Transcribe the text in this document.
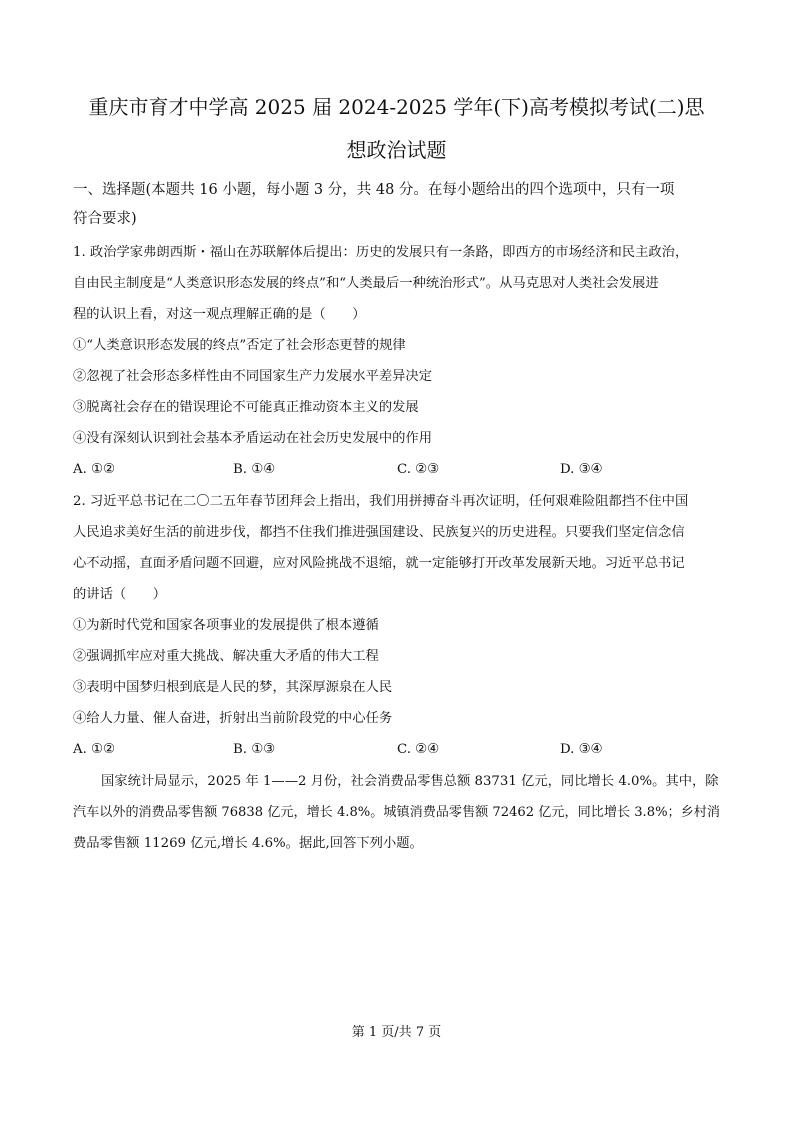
重庆市育才中学高 2025 届 2024-2025 学年(下)高考模拟考试(二)思
想政治试题

一、选择题(本题共 16 小题，每小题 3 分，共 48 分。在每小题给出的四个选项中，只有一项

符合要求)

1. 政治学家弗朗西斯・福山在苏联解体后提出：历史的发展只有一条路，即西方的市场经济和民主政治，

自由民主制度是“人类意识形态发展的终点”和“人类最后一种统治形式”。从马克思对人类社会发展进

程的认识上看，对这一观点理解正确的是（　　）

①“人类意识形态发展的终点”否定了社会形态更替的规律

②忽视了社会形态多样性由不同国家生产力发展水平差异决定

③脱离社会存在的错误理论不可能真正推动资本主义的发展

④没有深刻认识到社会基本矛盾运动在社会历史发展中的作用

A. ①②	B. ①④	C. ②③	D. ③④

2. 习近平总书记在二〇二五年春节团拜会上指出，我们用拼搏奋斗再次证明，任何艰难险阻都挡不住中国

人民追求美好生活的前进步伐，都挡不住我们推进强国建设、民族复兴的历史进程。只要我们坚定信念信

心不动摇，直面矛盾问题不回避，应对风险挑战不退缩，就一定能够打开改革发展新天地。习近平总书记

的讲话（　　）

①为新时代党和国家各项事业的发展提供了根本遵循

②强调抓牢应对重大挑战、解决重大矛盾的伟大工程

③表明中国梦归根到底是人民的梦，其深厚源泉在人民

④给人力量、催人奋进，折射出当前阶段党的中心任务

A. ①②	B. ①③	C. ②④	D. ③④

国家统计局显示，2025 年 1——2 月份，社会消费品零售总额 83731 亿元，同比增长 4.0%。其中，除

汽车以外的消费品零售额 76838 亿元，增长 4.8%。城镇消费品零售额 72462 亿元，同比增长 3.8%；乡村消

费品零售额 11269 亿元,增长 4.6%。据此,回答下列小题。

第 1 页/共 7 页
